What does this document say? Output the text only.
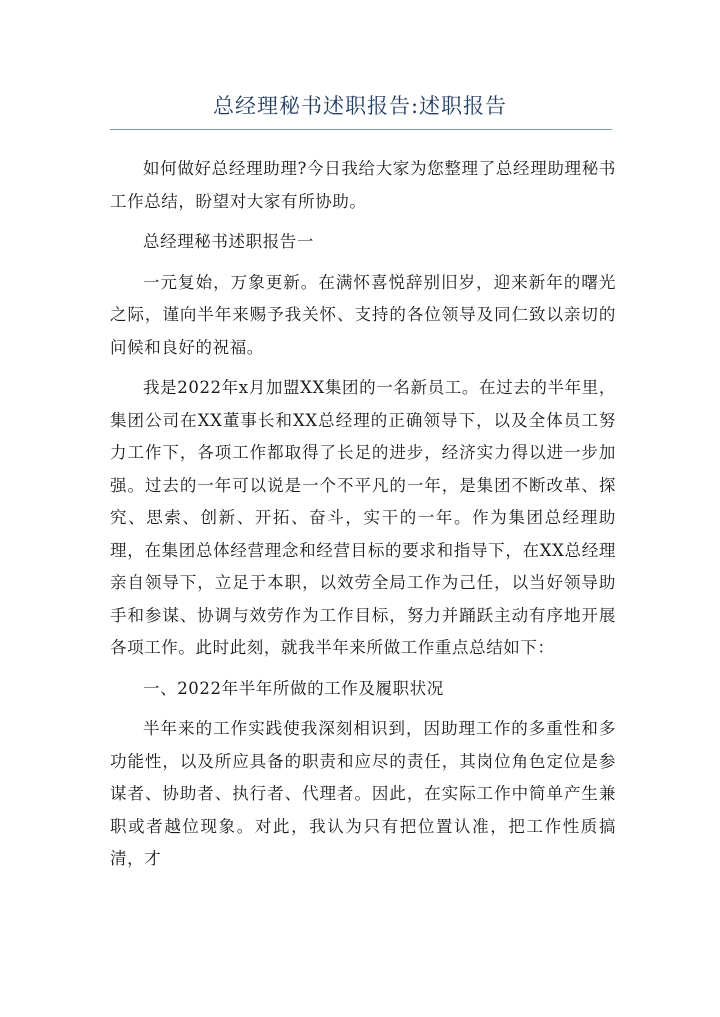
总经理秘书述职报告:述职报告

如何做好总经理助理?今日我给大家为您整理了总经理助理秘书工作总结，盼望对大家有所协助。

总经理秘书述职报告一

一元复始，万象更新。在满怀喜悦辞别旧岁，迎来新年的曙光之际，谨向半年来赐予我关怀、支持的各位领导及同仁致以亲切的问候和良好的祝福。

我是2022年x月加盟XX集团的一名新员工。在过去的半年里，集团公司在XX董事长和XX总经理的正确领导下，以及全体员工努力工作下，各项工作都取得了长足的进步，经济实力得以进一步加强。过去的一年可以说是一个不平凡的一年，是集团不断改革、探究、思索、创新、开拓、奋斗，实干的一年。作为集团总经理助理，在集团总体经营理念和经营目标的要求和指导下，在XX总经理亲自领导下，立足于本职，以效劳全局工作为己任，以当好领导助手和参谋、协调与效劳作为工作目标，努力并踊跃主动有序地开展各项工作。此时此刻，就我半年来所做工作重点总结如下：

一、2022年半年所做的工作及履职状况

半年来的工作实践使我深刻相识到，因助理工作的多重性和多功能性，以及所应具备的职责和应尽的责任，其岗位角色定位是参谋者、协助者、执行者、代理者。因此，在实际工作中简单产生兼职或者越位现象。对此，我认为只有把位置认准，把工作性质搞清，才
